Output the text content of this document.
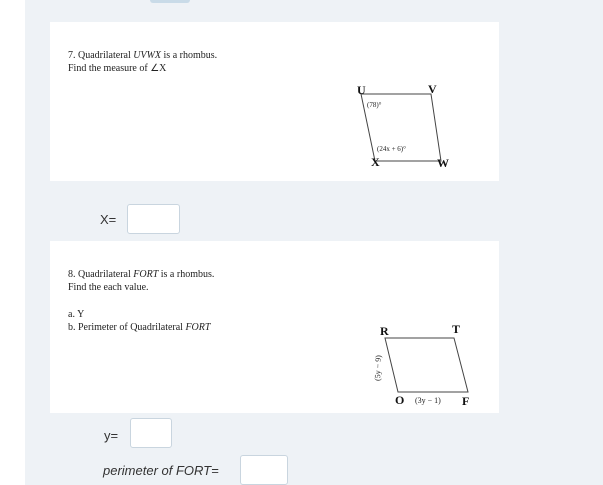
7. Quadrilateral UVWX is a rhombus.
Find the measure of ∠X
U	V
X	W
(78)°
(24x + 6)°
X=
8. Quadrilateral FORT is a rhombus.
Find the each value.
a. Y
b. Perimeter of Quadrilateral FORT	R	T
O	F
(5y − 9)
(3y − 1)
y=
perimeter of FORT=
